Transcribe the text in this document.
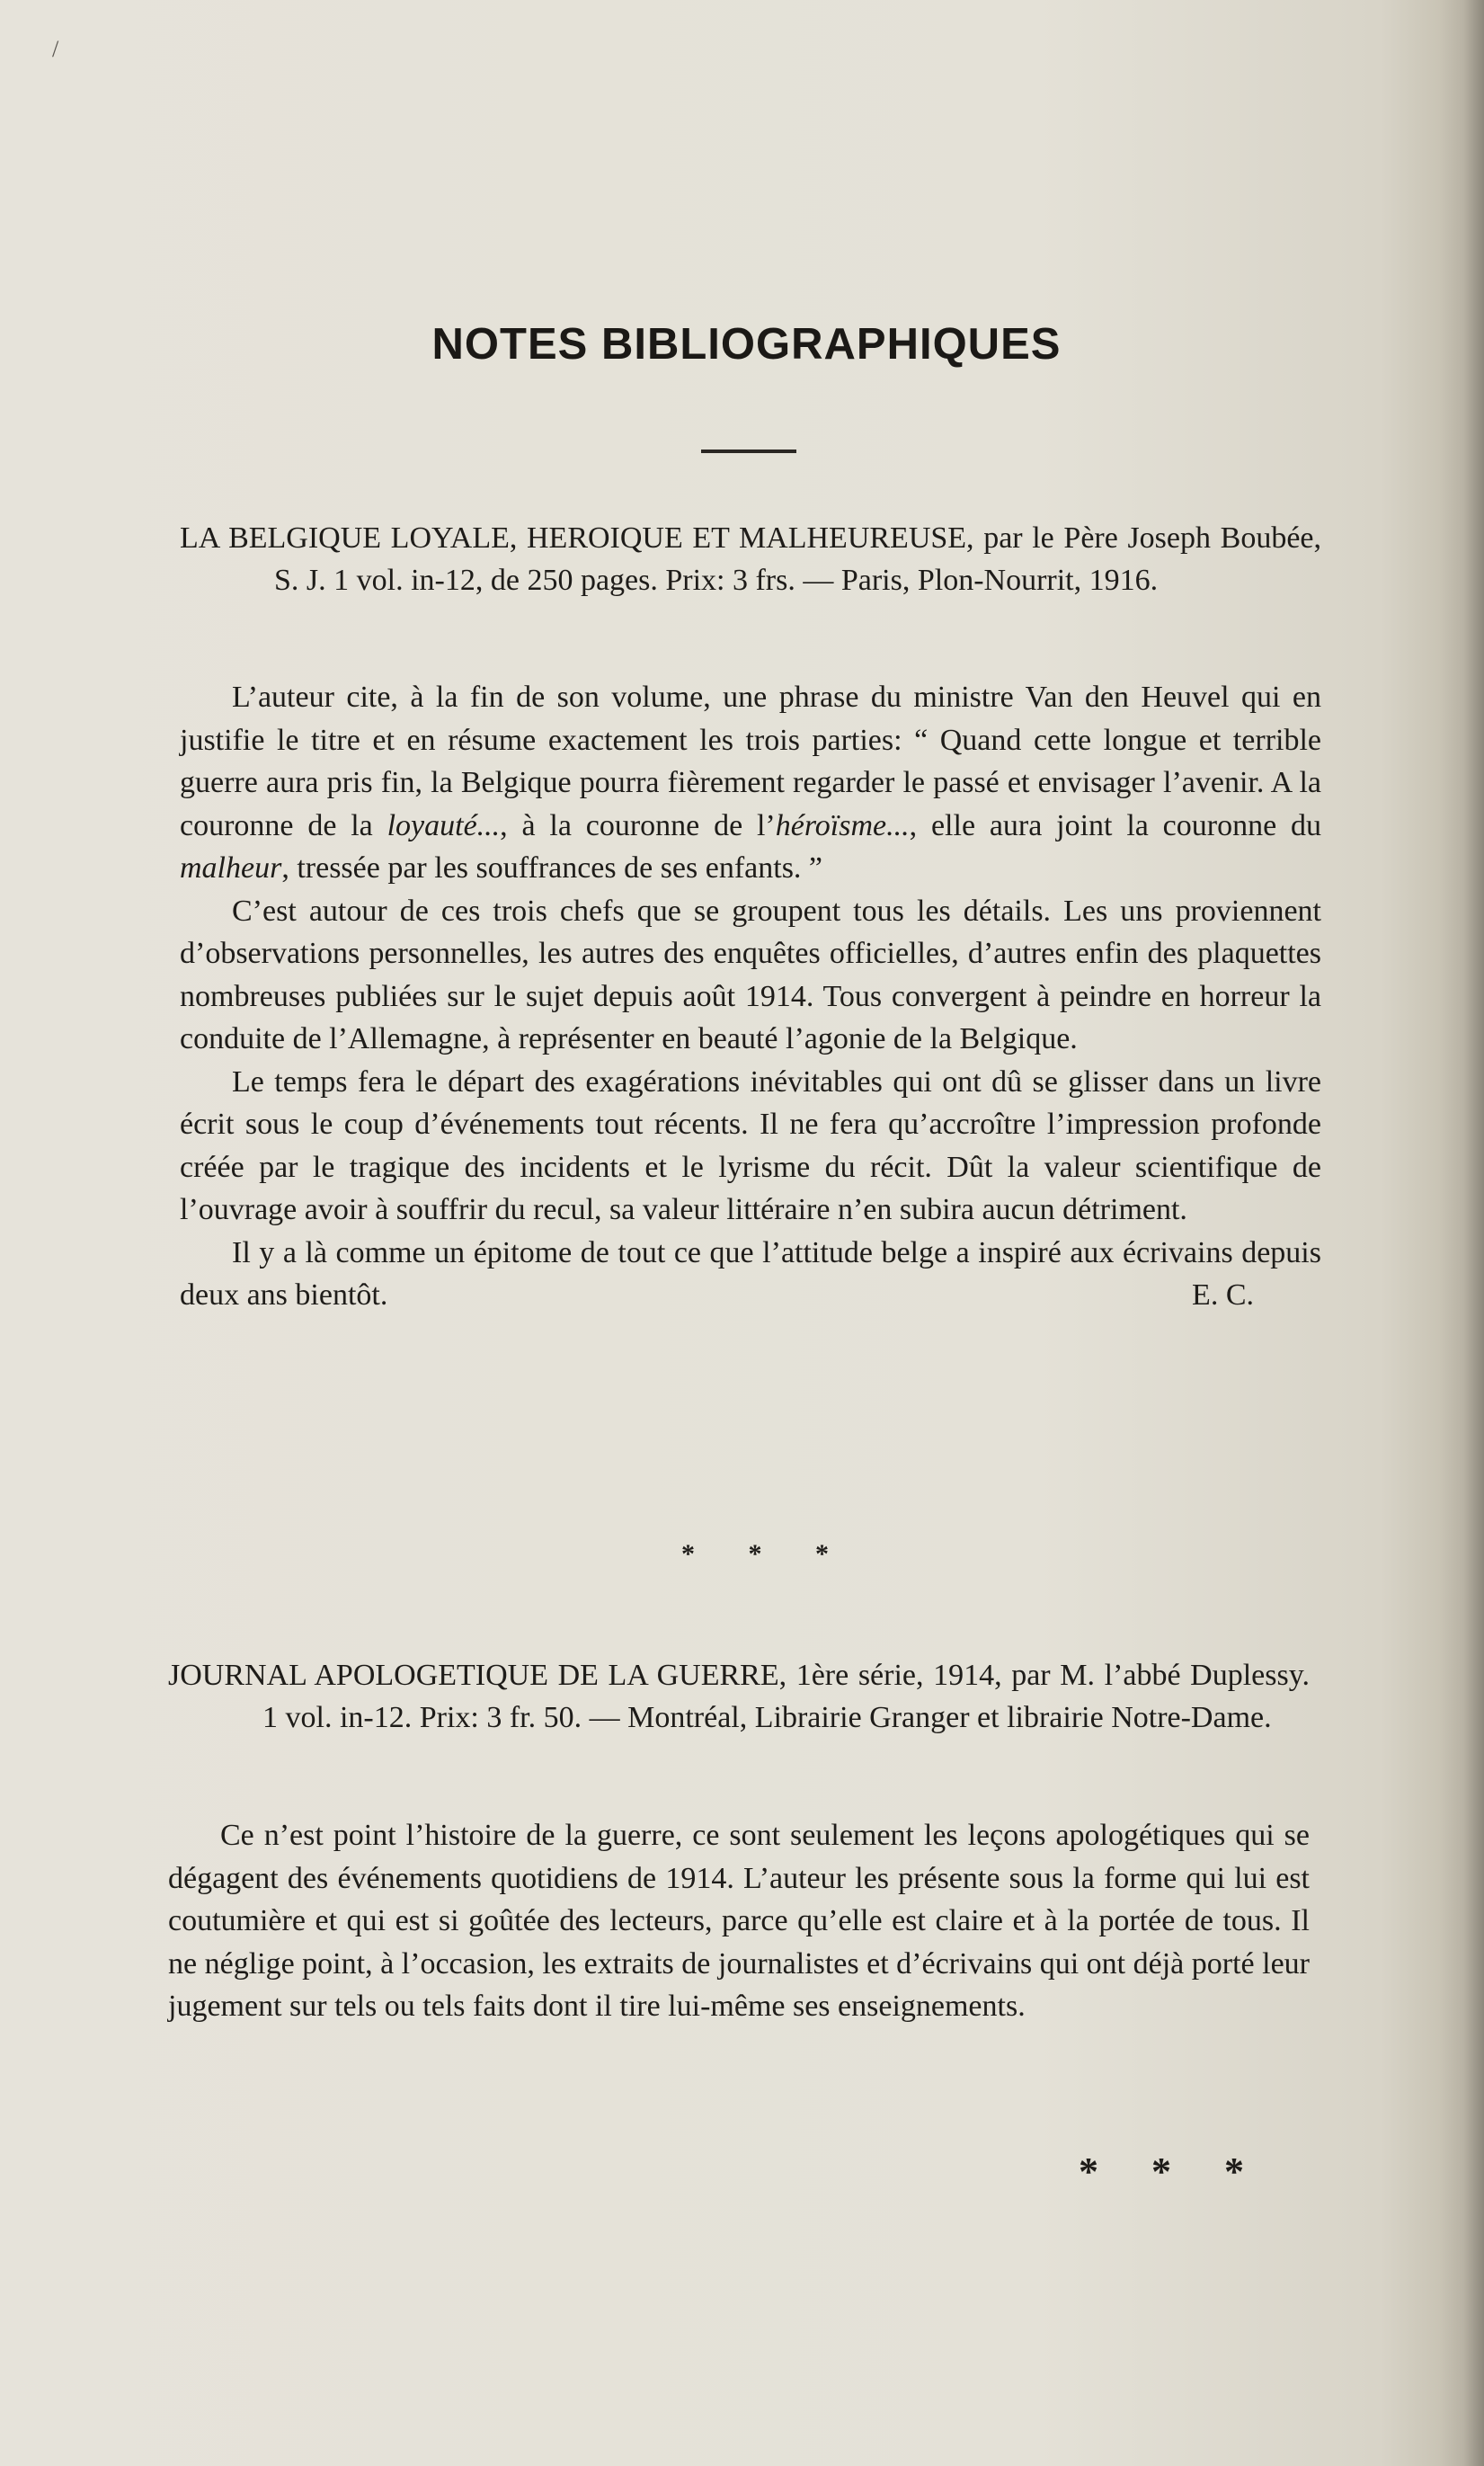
NOTES BIBLIOGRAPHIQUES
LA BELGIQUE LOYALE, HEROIQUE ET MALHEUREUSE, par le Père Joseph Boubée, S. J. 1 vol. in-12, de 250 pages. Prix: 3 frs. — Paris, Plon-Nourrit, 1916.

L’auteur cite, à la fin de son volume, une phrase du ministre Van den Heuvel qui en justifie le titre et en résume exactement les trois parties: “ Quand cette longue et terrible guerre aura pris fin, la Belgique pourra fièrement regarder le passé et envisager l’avenir. A la couronne de la loyauté..., à la couronne de l’héroïsme..., elle aura joint la couronne du malheur, tressée par les souffrances de ses enfants. ”

C’est autour de ces trois chefs que se groupent tous les détails. Les uns proviennent d’observations personnelles, les autres des enquêtes officielles, d’autres enfin des plaquettes nombreuses publiées sur le sujet depuis août 1914. Tous convergent à peindre en horreur la conduite de l’Allemagne, à représenter en beauté l’agonie de la Belgique.

Le temps fera le départ des exagérations inévitables qui ont dû se glisser dans un livre écrit sous le coup d’événements tout récents. Il ne fera qu’accroître l’impression profonde créée par le tragique des incidents et le lyrisme du récit. Dût la valeur scientifique de l’ouvrage avoir à souffrir du recul, sa valeur littéraire n’en subira aucun détriment.

Il y a là comme un épitome de tout ce que l’attitude belge a inspiré aux écrivains depuis deux ans bientôt.	E. C.

* * *
JOURNAL APOLOGETIQUE DE LA GUERRE, 1ère série, 1914, par M. l’abbé Duplessy. 1 vol. in-12. Prix: 3 fr. 50. — Montréal, Librairie Granger et librairie Notre-Dame.

Ce n’est point l’histoire de la guerre, ce sont seulement les leçons apologétiques qui se dégagent des événements quotidiens de 1914. L’auteur les présente sous la forme qui lui est coutumière et qui est si goûtée des lecteurs, parce qu’elle est claire et à la portée de tous. Il ne néglige point, à l’occasion, les extraits de journalistes et d’écrivains qui ont déjà porté leur jugement sur tels ou tels faits dont il tire lui-même ses enseignements.

* * *
/
